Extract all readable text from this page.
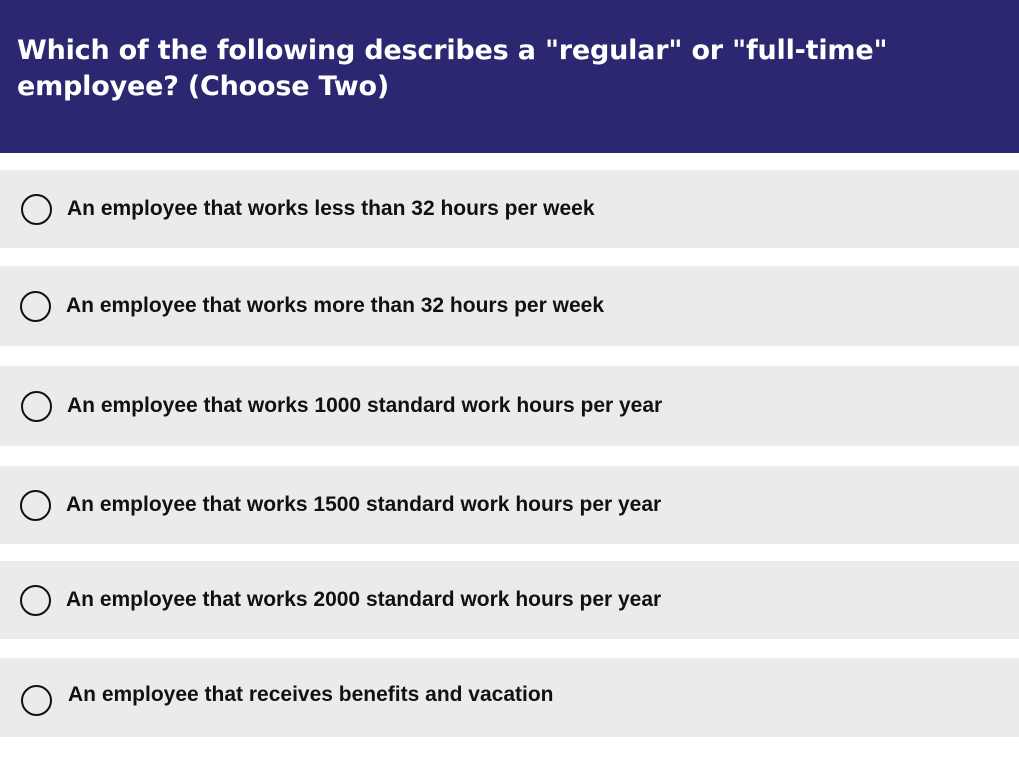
Which of the following describes a "regular" or "full-time" employee? (Choose Two)
An employee that works less than 32 hours per week
An employee that works more than 32 hours per week
An employee that works 1000 standard work hours per year
An employee that works 1500 standard work hours per year
An employee that works 2000 standard work hours per year
An employee that receives benefits and vacation
